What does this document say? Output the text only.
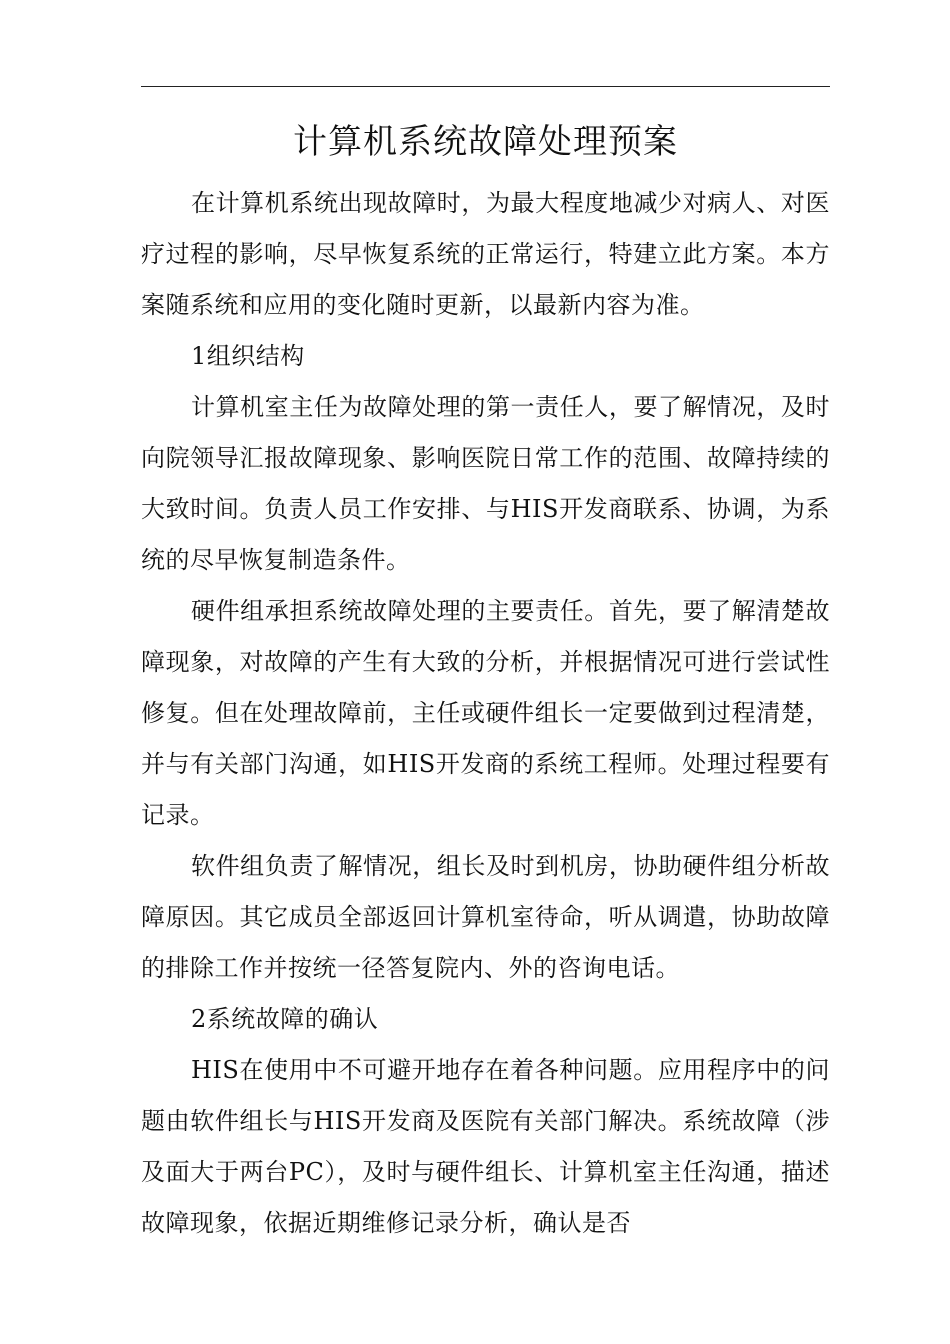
计算机系统故障处理预案

在计算机系统出现故障时，为最大程度地减少对病人、对医疗过程的影响，尽早恢复系统的正常运行，特建立此方案。本方案随系统和应用的变化随时更新，以最新内容为准。

1组织结构

计算机室主任为故障处理的第一责任人，要了解情况，及时向院领导汇报故障现象、影响医院日常工作的范围、故障持续的大致时间。负责人员工作安排、与HIS开发商联系、协调，为系统的尽早恢复制造条件。

硬件组承担系统故障处理的主要责任。首先，要了解清楚故障现象，对故障的产生有大致的分析，并根据情况可进行尝试性修复。但在处理故障前，主任或硬件组长一定要做到过程清楚，并与有关部门沟通，如HIS开发商的系统工程师。处理过程要有记录。

软件组负责了解情况，组长及时到机房，协助硬件组分析故障原因。其它成员全部返回计算机室待命，听从调遣，协助故障的排除工作并按统一径答复院内、外的咨询电话。

2系统故障的确认

HIS在使用中不可避开地存在着各种问题。应用程序中的问题由软件组长与HIS开发商及医院有关部门解决。系统故障（涉及面大于两台PC），及时与硬件组长、计算机室主任沟通，描述故障现象，依据近期维修记录分析，确认是否
